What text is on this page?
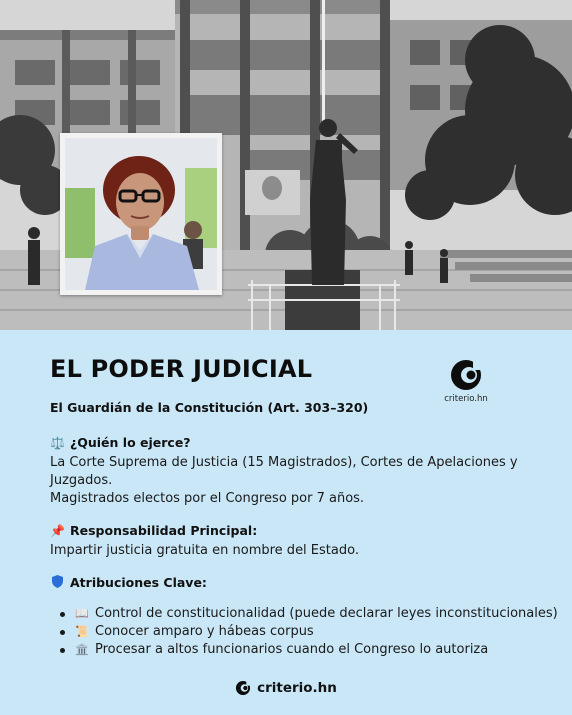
EL PODER JUDICIAL
El Guardián de la Constitución (Art. 303–320)
criterio.hn
⚖️ ¿Quién lo ejerce?

La Corte Suprema de Justicia (15 Magistrados), Cortes de Apelaciones y Juzgados.

Magistrados electos por el Congreso por 7 años.

📌 Responsabilidad Principal:

Impartir justicia gratuita en nombre del Estado.

Atribuciones Clave:
📖 Control de constitucionalidad (puede declarar leyes inconstitucionales)
📜 Conocer amparo y hábeas corpus
🏛️ Procesar a altos funcionarios cuando el Congreso lo autoriza
criterio.hn
